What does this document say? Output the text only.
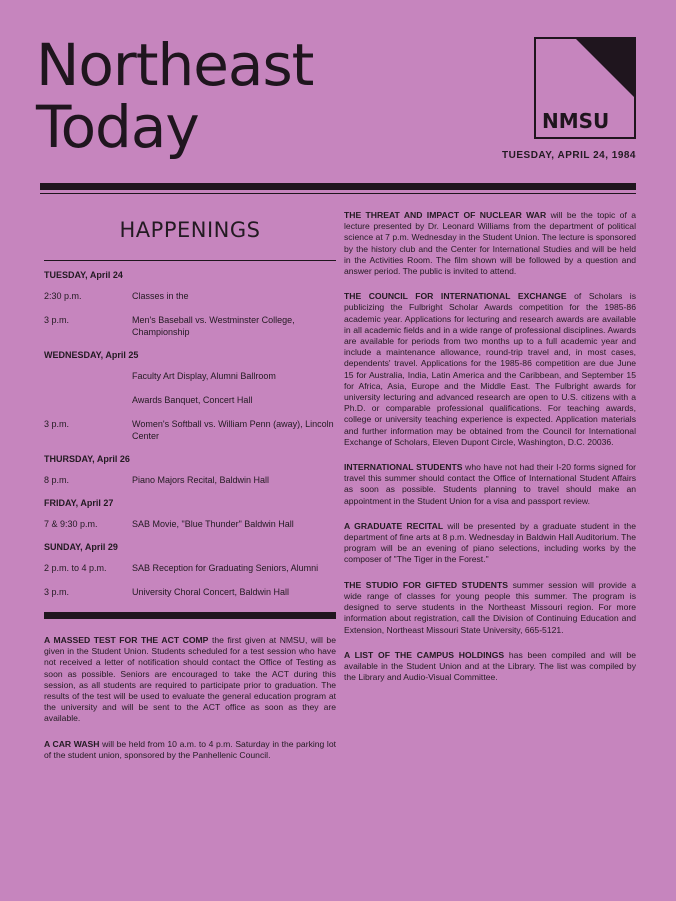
Northeast
Today	NMSU
TUESDAY, APRIL 24, 1984
HAPPENINGS
TUESDAY, April 24
2:30 p.m.	Classes in the
3 p.m.	Men's Baseball vs. Westminster College, Championship
WEDNESDAY, April 25
Faculty Art Display, Alumni Ballroom
Awards Banquet, Concert Hall
3 p.m.	Women's Softball vs. William Penn (away), Lincoln Center
THURSDAY, April 26
8 p.m.	Piano Majors Recital, Baldwin Hall
FRIDAY, April 27
7 & 9:30 p.m.	SAB Movie, "Blue Thunder" Baldwin Hall
SUNDAY, April 29
2 p.m. to 4 p.m.	SAB Reception for Graduating Seniors, Alumni
3 p.m.	University Choral Concert, Baldwin Hall

A MASSED TEST FOR THE ACT COMP the first given at NMSU, will be given in the Student Union. Students scheduled for a test session who have not received a letter of notification should contact the Office of Testing as soon as possible. Seniors are encouraged to take the ACT during this session, as all students are required to participate prior to graduation. The results of the test will be used to evaluate the general education program at the university and will be sent to the ACT office as soon as they are available.

A CAR WASH will be held from 10 a.m. to 4 p.m. Saturday in the parking lot of the student union, sponsored by the Panhellenic Council.

THE THREAT AND IMPACT OF NUCLEAR WAR will be the topic of a lecture presented by Dr. Leonard Williams from the department of political science at 7 p.m. Wednesday in the Student Union. The lecture is sponsored by the history club and the Center for International Studies and will be held in the Activities Room. The film shown will be followed by a question and answer period. The public is invited to attend.

THE COUNCIL FOR INTERNATIONAL EXCHANGE of Scholars is publicizing the Fulbright Scholar Awards competition for the 1985-86 academic year. Applications for lecturing and research awards are available in all academic fields and in a wide range of professional disciplines. Awards are available for periods from two months up to a full academic year and include a maintenance allowance, round-trip travel and, in most cases, dependents' travel. Applications for the 1985-86 competition are due June 15 for Australia, India, Latin America and the Caribbean, and September 15 for Africa, Asia, Europe and the Middle East. The Fulbright awards for university lecturing and advanced research are open to U.S. citizens with a Ph.D. or comparable professional qualifications. For teaching awards, college or university teaching experience is expected. Application materials and further information may be obtained from the Council for International Exchange of Scholars, Eleven Dupont Circle, Washington, D.C. 20036.

INTERNATIONAL STUDENTS who have not had their I-20 forms signed for travel this summer should contact the Office of International Student Affairs as soon as possible. Students planning to travel should make an appointment in the Student Union for a visa and passport review.

A GRADUATE RECITAL will be presented by a graduate student in the department of fine arts at 8 p.m. Wednesday in Baldwin Hall Auditorium. The program will be an evening of piano selections, including works by the composer of "The Tiger in the Forest."

THE STUDIO FOR GIFTED STUDENTS summer session will provide a wide range of classes for young people this summer. The program is designed to serve students in the Northeast Missouri region. For more information about registration, call the Division of Continuing Education and Extension, Northeast Missouri State University, 665-5121.

A LIST OF THE CAMPUS HOLDINGS has been compiled and will be available in the Student Union and at the Library. The list was compiled by the Library and Audio-Visual Committee.
